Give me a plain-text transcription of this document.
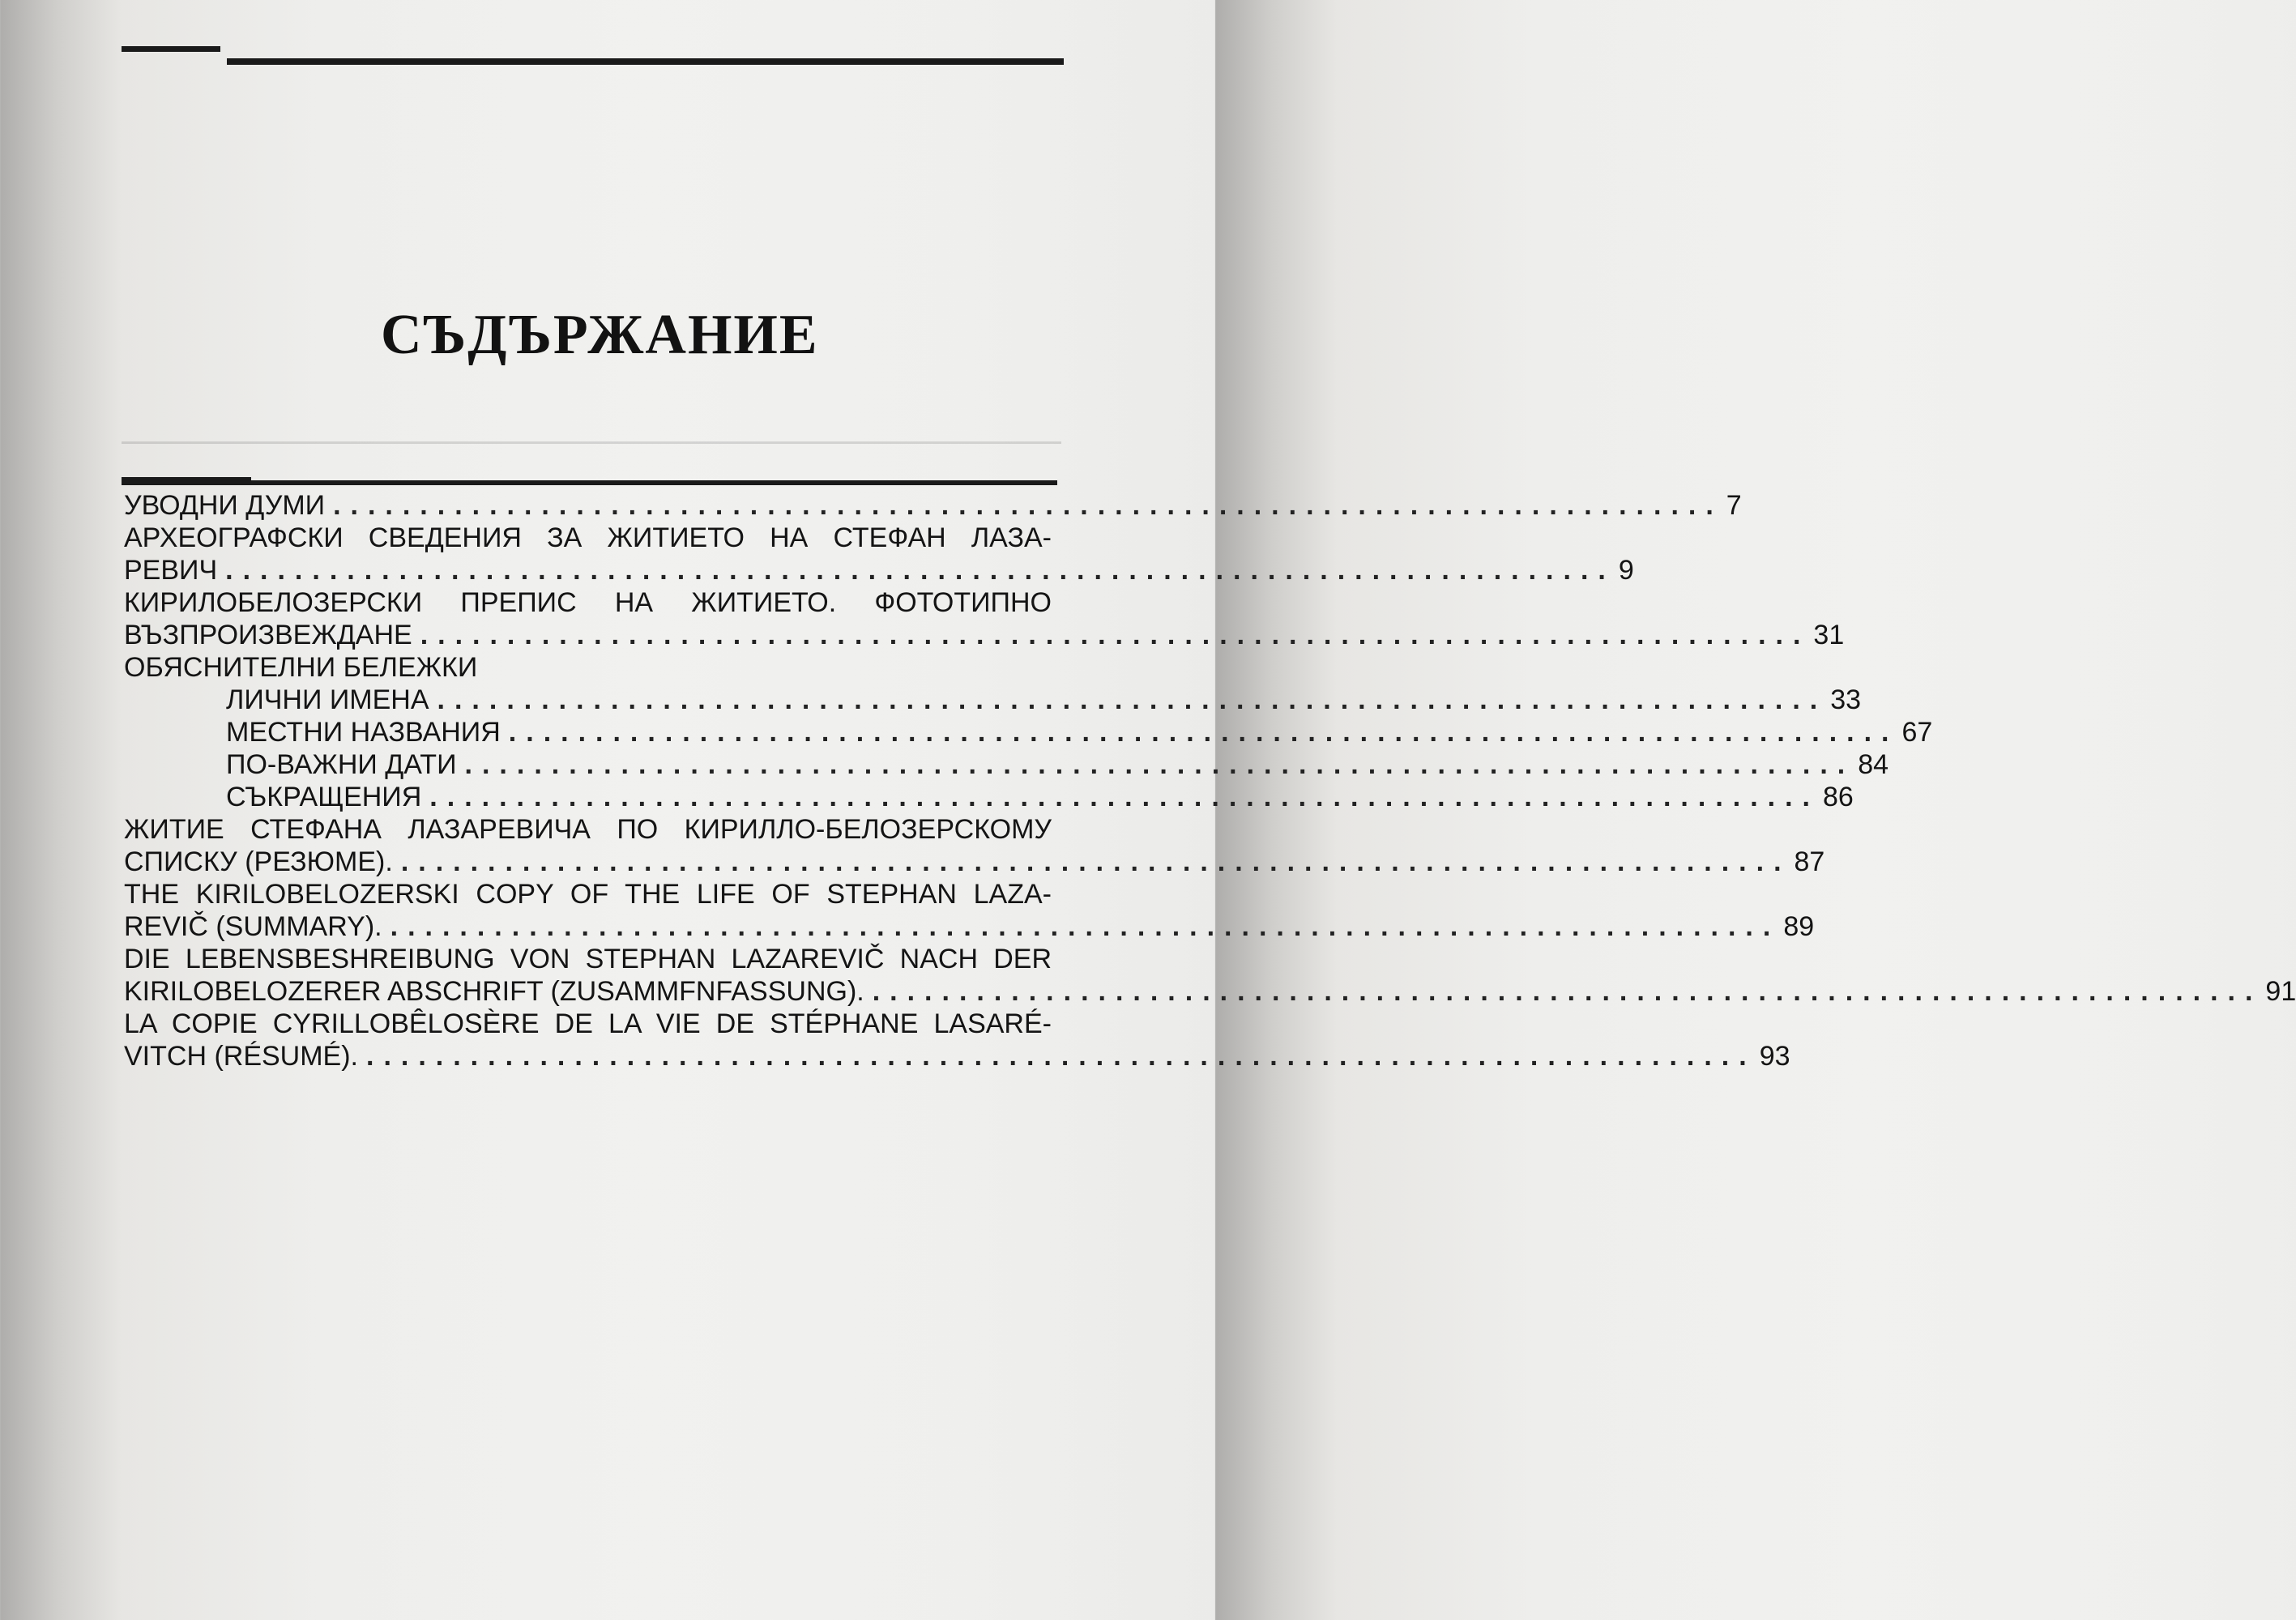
СЪДЪРЖАНИЕ
УВОДНИ ДУМИ ................................................................................ 7
АРХЕОГРАФСКИ СВЕДЕНИЯ ЗА ЖИТИЕТО НА СТЕФАН ЛАЗА-
РЕВИЧ ................................................................................ 9
КИРИЛОБЕЛОЗЕРСКИ ПРЕПИС НА ЖИТИЕТО. ФОТОТИПНО
ВЪЗПРОИЗВЕЖДАНЕ ................................................................................ 31
ОБЯСНИТЕЛНИ БЕЛЕЖКИ
ЛИЧНИ ИМЕНА ................................................................................ 33
МЕСТНИ НАЗВАНИЯ ................................................................................ 67
ПО-ВАЖНИ ДАТИ ................................................................................ 84
СЪКРАЩЕНИЯ ................................................................................ 86
ЖИТИЕ СТЕФАНА ЛАЗАРЕВИЧА ПО КИРИЛЛО-БЕЛОЗЕРСКОМУ
СПИСКУ (РЕЗЮМЕ). ................................................................................ 87
THE KIRILOBELOZERSKI COPY OF THE LIFE OF STEPHAN LAZA-
REVIČ (SUMMARY). ................................................................................ 89
DIE LEBENSBESHREIBUNG VON STEPHAN LAZAREVIČ NACH DER
KIRILOBELOZERER ABSCHRIFT (ZUSAMMFNFASSUNG). ................................................................................ 91
LA COPIE CYRILLOBÊLOSÈRE DE LA VIE DE STÉPHANE LASARÉ-
VITCH (RÉSUMÉ). ................................................................................ 93
